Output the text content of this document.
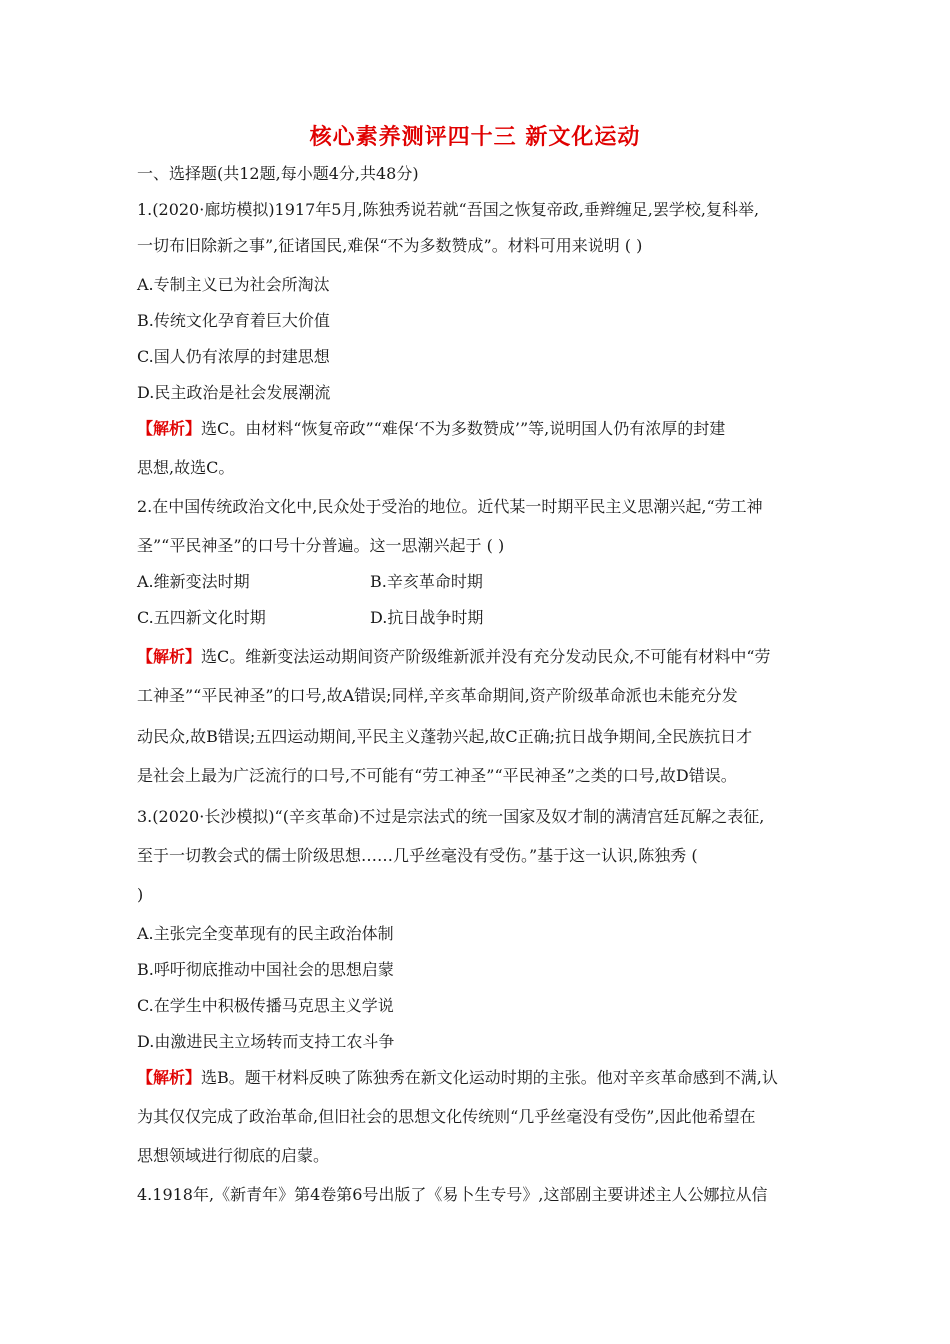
核心素养测评四十三 新文化运动
一、选择题(共12题,每小题4分,共48分)
1.(2020·廊坊模拟)1917年5月,陈独秀说若就“吾国之恢复帝政,垂辫缠足,罢学校,复科举,
一切布旧除新之事”,征诸国民,难保“不为多数赞成”。材料可用来说明 ( )
A.专制主义已为社会所淘汰
B.传统文化孕育着巨大价值
C.国人仍有浓厚的封建思想
D.民主政治是社会发展潮流
【解析】选C。由材料“恢复帝政”“难保‘不为多数赞成’”等,说明国人仍有浓厚的封建
思想,故选C。
2.在中国传统政治文化中,民众处于受治的地位。近代某一时期平民主义思潮兴起,“劳工神
圣”“平民神圣”的口号十分普遍。这一思潮兴起于 ( )
A.维新变法时期	B.辛亥革命时期
C.五四新文化时期	D.抗日战争时期
【解析】选C。维新变法运动期间资产阶级维新派并没有充分发动民众,不可能有材料中“劳
工神圣”“平民神圣”的口号,故A错误;同样,辛亥革命期间,资产阶级革命派也未能充分发
动民众,故B错误;五四运动期间,平民主义蓬勃兴起,故C正确;抗日战争期间,全民族抗日才
是社会上最为广泛流行的口号,不可能有“劳工神圣”“平民神圣”之类的口号,故D错误。
3.(2020·长沙模拟)“(辛亥革命)不过是宗法式的统一国家及奴才制的满清宫廷瓦解之表征,
至于一切教会式的儒士阶级思想……几乎丝毫没有受伤。”基于这一认识,陈独秀 (
)
A.主张完全变革现有的民主政治体制
B.呼吁彻底推动中国社会的思想启蒙
C.在学生中积极传播马克思主义学说
D.由激进民主立场转而支持工农斗争
【解析】选B。题干材料反映了陈独秀在新文化运动时期的主张。他对辛亥革命感到不满,认
为其仅仅完成了政治革命,但旧社会的思想文化传统则“几乎丝毫没有受伤”,因此他希望在
思想领域进行彻底的启蒙。
4.1918年,《新青年》第4卷第6号出版了《易卜生专号》,这部剧主要讲述主人公娜拉从信
